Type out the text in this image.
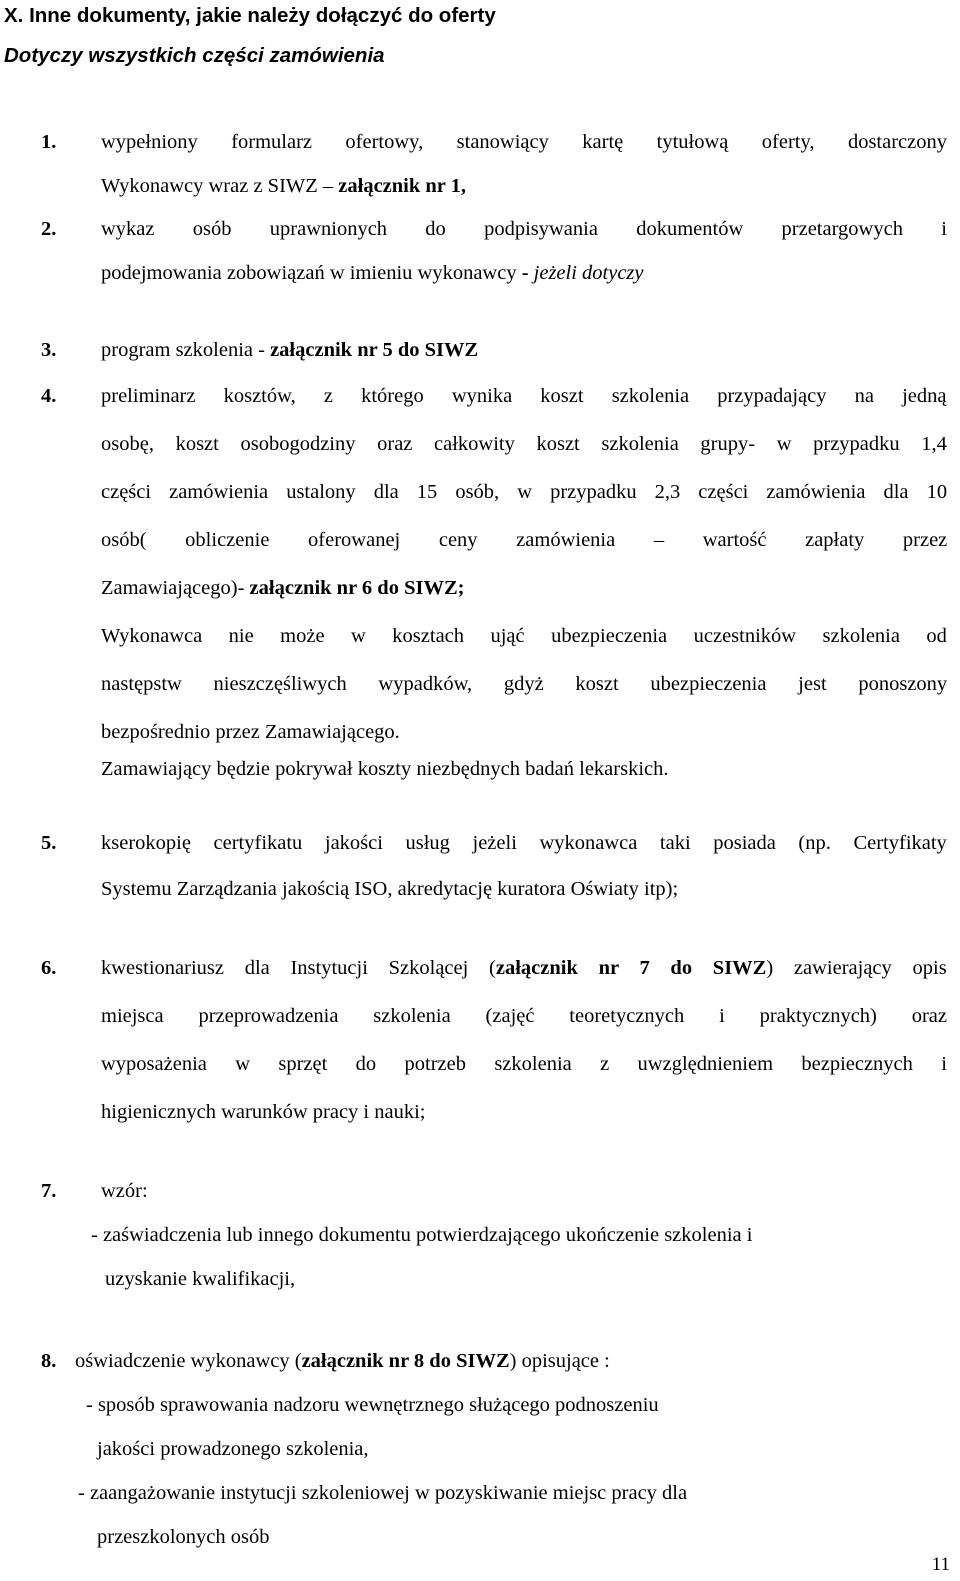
X. Inne dokumenty, jakie należy dołączyć do oferty
Dotyczy wszystkich części zamówienia
1. wypełniony formularz ofertowy, stanowiący kartę tytułową oferty, dostarczony
Wykonawcy wraz z SIWZ – załącznik nr 1,
2. wykaz osób uprawnionych do podpisywania dokumentów przetargowych i
podejmowania zobowiązań w imieniu wykonawcy - jeżeli dotyczy
3. program szkolenia - załącznik nr 5 do SIWZ
4. preliminarz kosztów, z którego wynika koszt szkolenia przypadający na jedną
osobę, koszt osobogodziny oraz całkowity koszt szkolenia grupy- w przypadku 1,4
części zamówienia ustalony dla 15 osób, w przypadku 2,3 części zamówienia dla 10
osób( obliczenie oferowanej ceny zamówienia – wartość zapłaty przez
Zamawiającego)- załącznik nr 6 do SIWZ;
Wykonawca nie może w kosztach ująć ubezpieczenia uczestników szkolenia od
następstw nieszczęśliwych wypadków, gdyż koszt ubezpieczenia jest ponoszony
bezpośrednio przez Zamawiającego.
Zamawiający będzie pokrywał koszty niezbędnych badań lekarskich.
5. kserokopię certyfikatu jakości usług jeżeli wykonawca taki posiada (np. Certyfikaty
Systemu Zarządzania jakością ISO, akredytację kuratora Oświaty itp);
6. kwestionariusz dla Instytucji Szkolącej (załącznik nr 7 do SIWZ) zawierający opis
miejsca przeprowadzenia szkolenia (zajęć teoretycznych i praktycznych) oraz
wyposażenia w sprzęt do potrzeb szkolenia z uwzględnieniem bezpiecznych i
higienicznych warunków pracy i nauki;
7. wzór:
- zaświadczenia lub innego dokumentu potwierdzającego ukończenie szkolenia i
uzyskanie kwalifikacji,
8. oświadczenie wykonawcy (załącznik nr 8 do SIWZ) opisujące :
- sposób sprawowania nadzoru wewnętrznego służącego podnoszeniu
jakości prowadzonego szkolenia,
- zaangażowanie instytucji szkoleniowej w pozyskiwanie miejsc pracy dla
przeszkolonych osób
11
